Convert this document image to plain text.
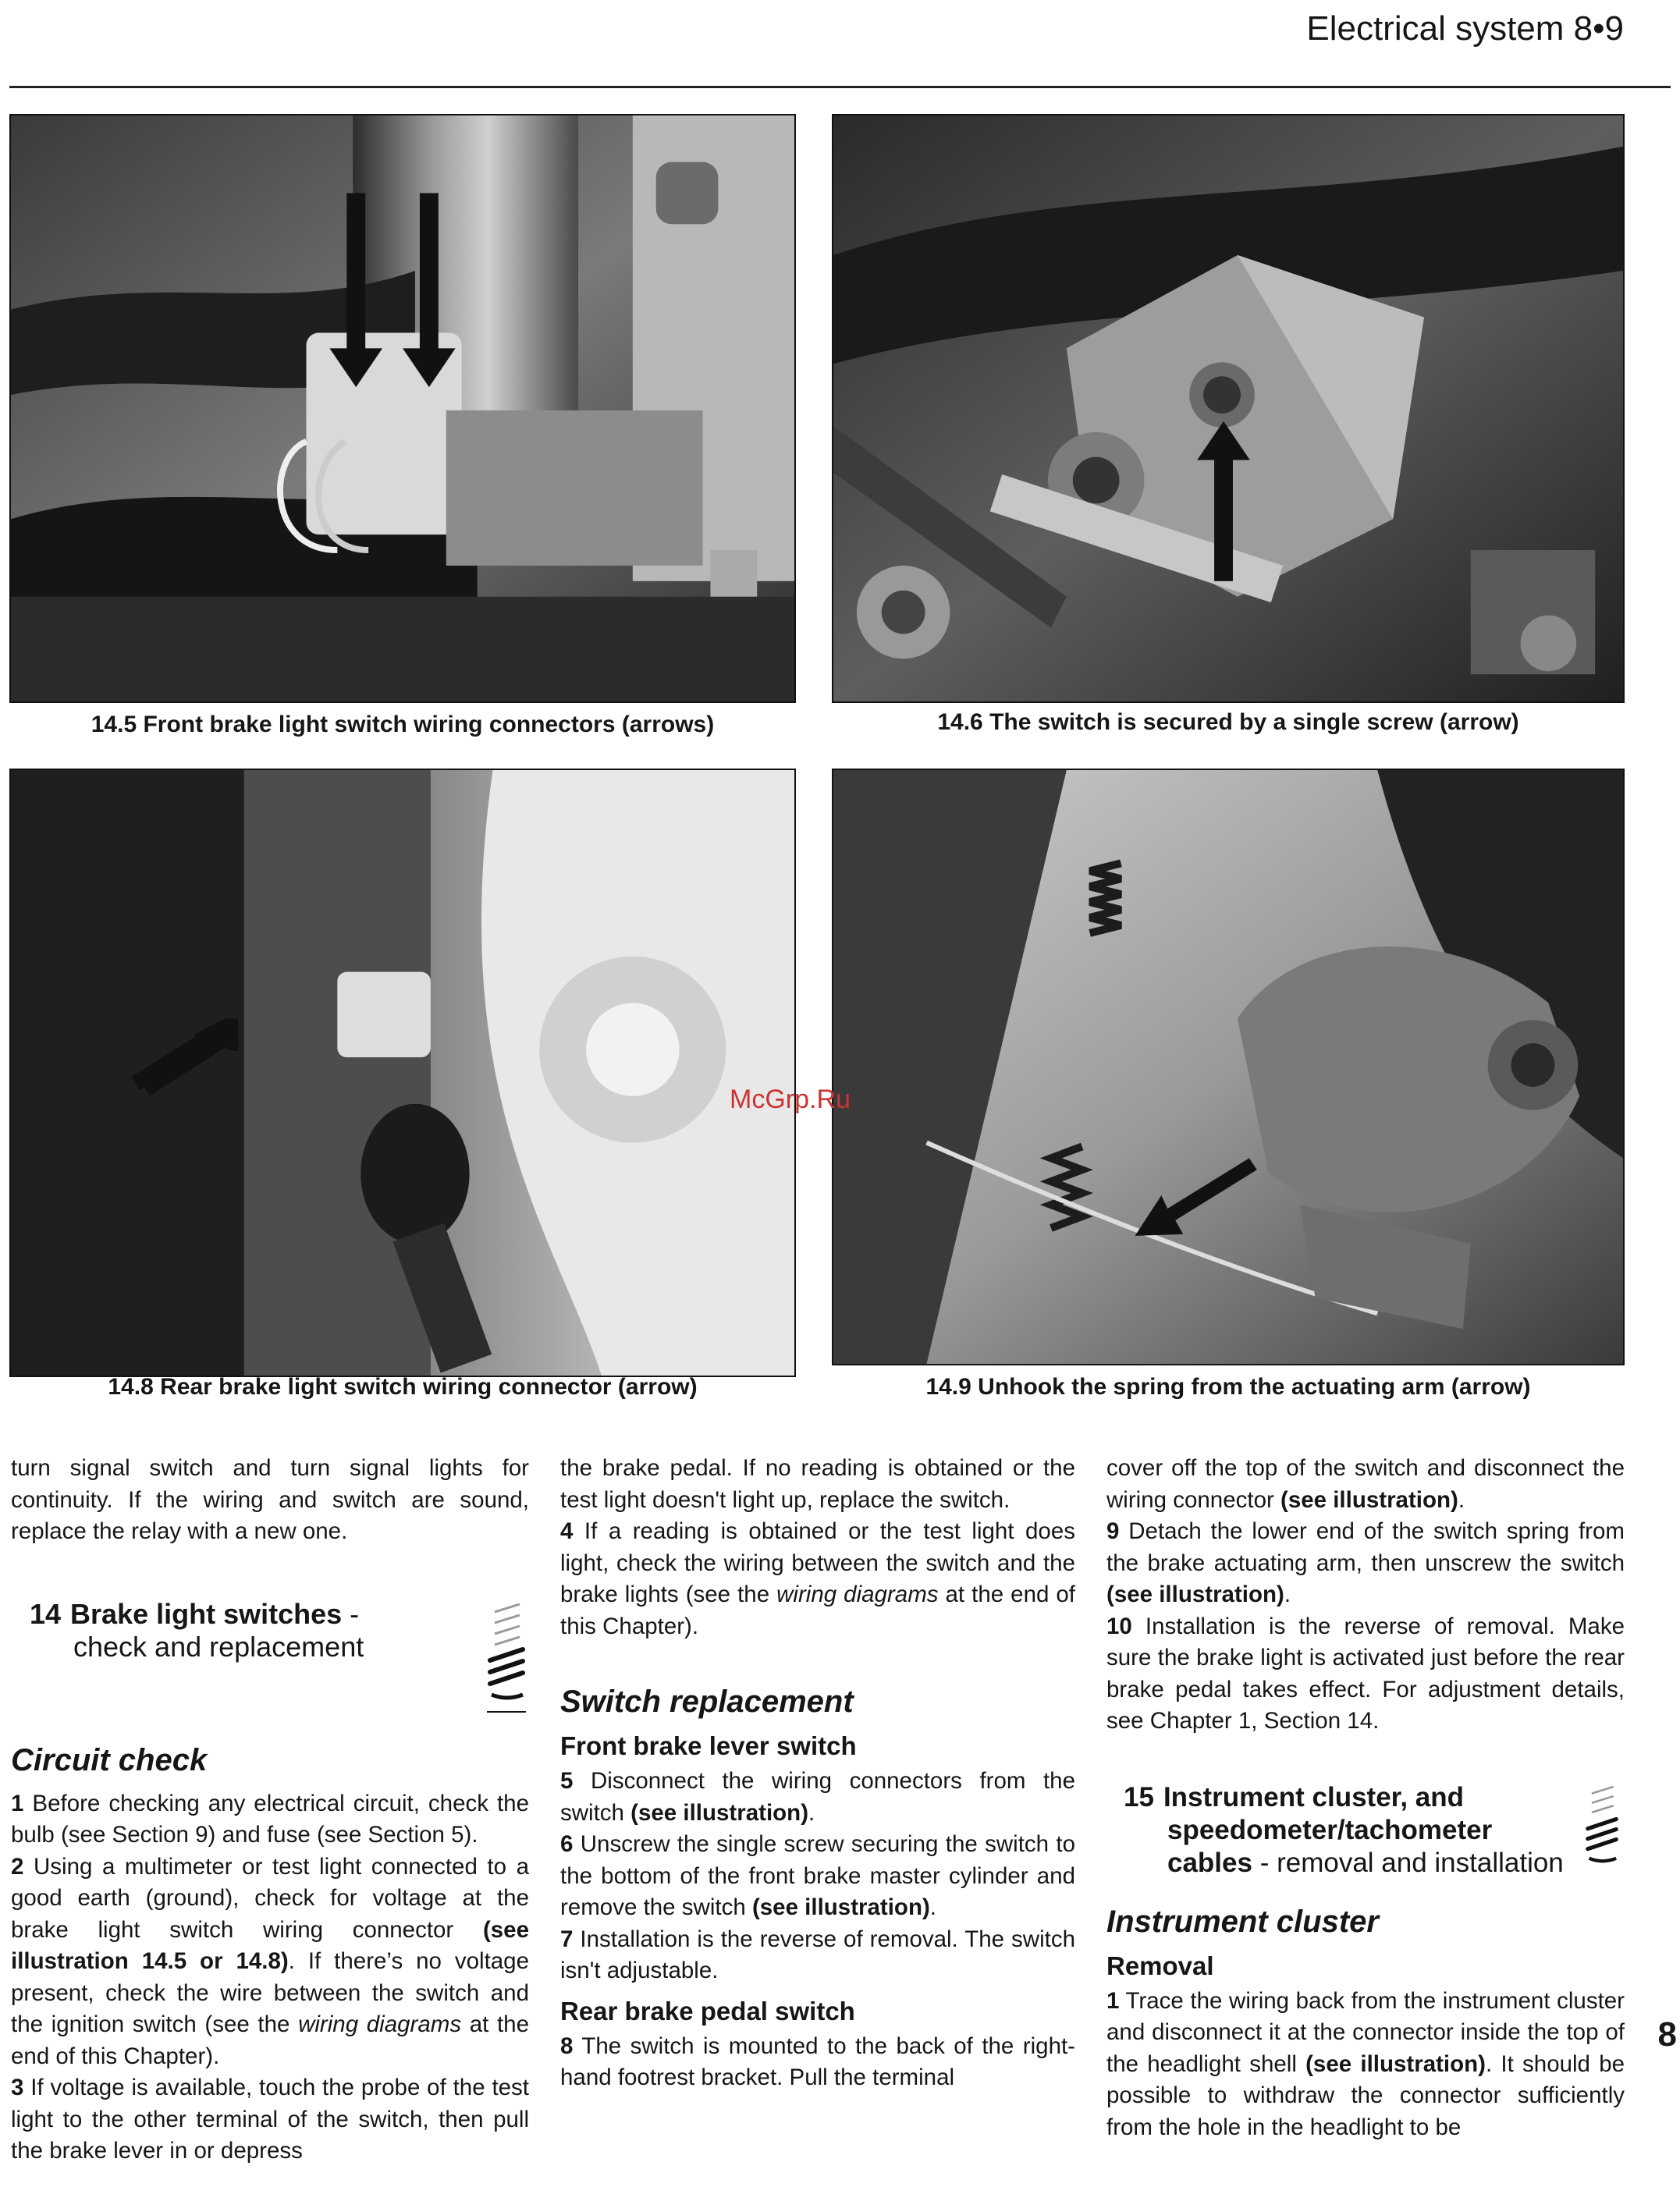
Electrical system 8•9
14.5 Front brake light switch wiring connectors (arrows)	14.6 The switch is secured by a single screw (arrow)
14.8 Rear brake light switch wiring connector (arrow)	14.9 Unhook the spring from the actuating arm (arrow)
McGrp.Ru

turn signal switch and turn signal lights for continuity. If the wiring and switch are sound, replace the relay with a new one.

14 Brake light switches -
check and replacement
Circuit check

1 Before checking any electrical circuit, check the bulb (see Section 9) and fuse (see Section 5).

2 Using a multimeter or test light connected to a good earth (ground), check for voltage at the brake light switch wiring connector (see illustration 14.5 or 14.8). If there’s no voltage present, check the wire between the switch and the ignition switch (see the wiring diagrams at the end of this Chapter).

3 If voltage is available, touch the probe of the test light to the other terminal of the switch, then pull the brake lever in or depress

the brake pedal. If no reading is obtained or the test light doesn't light up, replace the switch.

4 If a reading is obtained or the test light does light, check the wiring between the switch and the brake lights (see the wiring diagrams at the end of this Chapter).

Switch replacement
Front brake lever switch

5 Disconnect the wiring connectors from the switch (see illustration).

6 Unscrew the single screw securing the switch to the bottom of the front brake master cylinder and remove the switch (see illustration).

7 Installation is the reverse of removal. The switch isn't adjustable.

Rear brake pedal switch

8 The switch is mounted to the back of the right-hand footrest bracket. Pull the terminal

cover off the top of the switch and disconnect the wiring connector (see illustration).

9 Detach the lower end of the switch spring from the brake actuating arm, then unscrew the switch (see illustration).

10 Installation is the reverse of removal. Make sure the brake light is activated just before the rear brake pedal takes effect. For adjustment details, see Chapter 1, Section 14.

15 Instrument cluster, and
speedometer/tachometer
cables - removal and installation
Instrument cluster
Removal

1 Trace the wiring back from the instrument cluster and disconnect it at the connector inside the top of the headlight shell (see illustration). It should be possible to withdraw the connector sufficiently from the hole in the headlight to be

8
